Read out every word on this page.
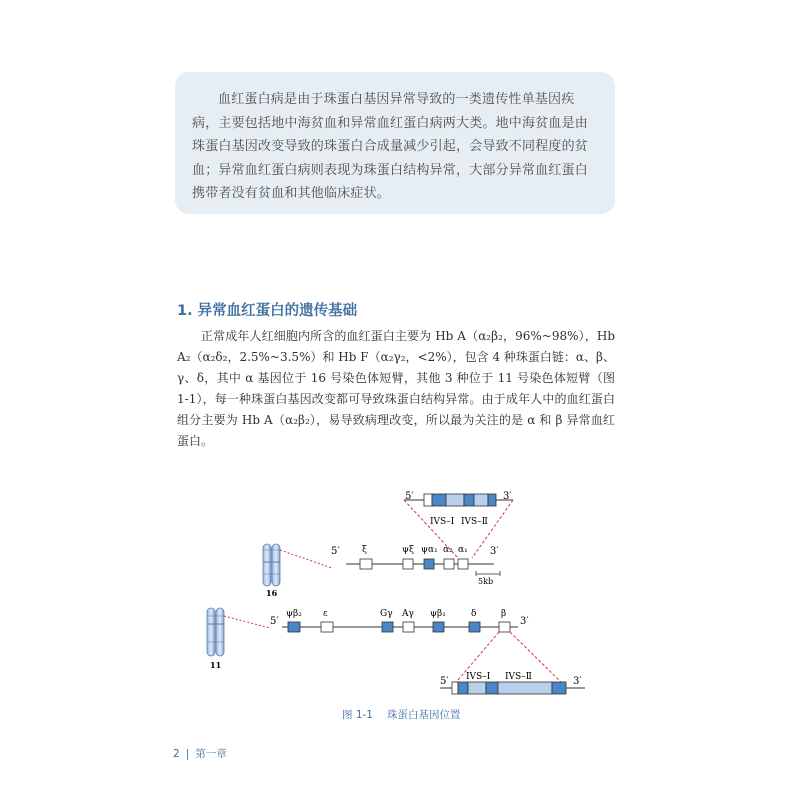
血红蛋白病是由于珠蛋白基因异常导致的一类遗传性单基因疾病，主要包括地中海贫血和异常血红蛋白病两大类。地中海贫血是由珠蛋白基因改变导致的珠蛋白合成量减少引起，会导致不同程度的贫血；异常血红蛋白病则表现为珠蛋白结构异常，大部分异常血红蛋白携带者没有贫血和其他临床症状。

1. 异常血红蛋白的遗传基础

正常成年人红细胞内所含的血红蛋白主要为 Hb A（α₂β₂，96%~98%），Hb A₂（α₂δ₂，2.5%~3.5%）和 Hb F（α₂γ₂，<2%），包含 4 种珠蛋白链：α、β、γ、δ，其中 α 基因位于 16 号染色体短臂，其他 3 种位于 11 号染色体短臂（图 1-1），每一种珠蛋白基因改变都可导致珠蛋白结构异常。由于成年人中的血红蛋白组分主要为 Hb A（α₂β₂），易导致病理改变，所以最为关注的是 α 和 β 异常血红蛋白。

5′	3′
IVS–Ⅰ IVS–Ⅱ
16
5′	3′
ξ	ψξ ψα₁ α₂ α₁
5kb
11
5′	3′
ψβ₂ ε	Gγ Aγ ψβ₁	δ	β
5′	3′
IVS–Ⅰ IVS–Ⅱ

图 1-1 珠蛋白基因位置

2 | 第一章
